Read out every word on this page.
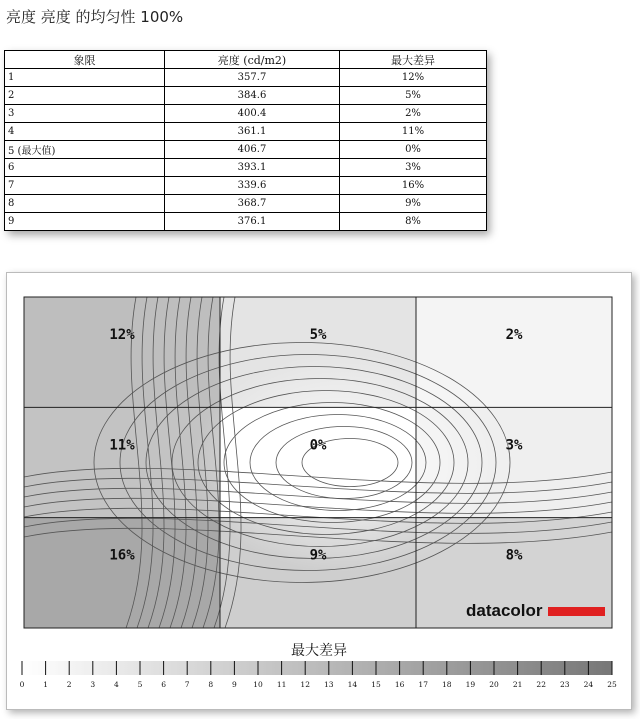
亮度 亮度 的均匀性 100%
象限	亮度 (cd/m2)	最大差异
1	357.7	12%
2	384.6	5%
3	400.4	2%
4	361.1	11%
5 (最大值)	406.7	0%
6	393.1	3%
7	339.6	16%
8	368.7	9%
9	376.1	8%
12%	5%	2%
11%	0%	3%
16%	9%	8%
datacolor
最大差异
0	1	2	3	4	5	6	7	8	9 10 11 12 13 14 15 16 17 18 19 20 21 22 23 24 25
